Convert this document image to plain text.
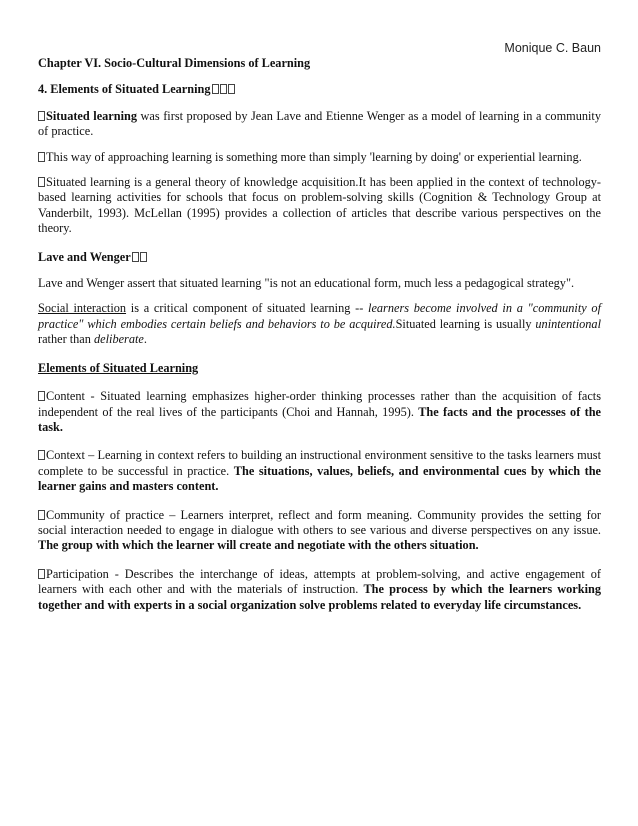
Monique C. Baun

Chapter VI. Socio-Cultural Dimensions of Learning

4. Elements of Situated Learning

Situated learning was first proposed by Jean Lave and Etienne Wenger as a model of learning in a community of practice.

This way of approaching learning is something more than simply 'learning by doing' or experiential learning.

Situated learning is a general theory of knowledge acquisition.It has been applied in the context of technology-based learning activities for schools that focus on problem-solving skills (Cognition & Technology Group at Vanderbilt, 1993). McLellan (1995) provides a collection of articles that describe various perspectives on the theory.

Lave and Wenger

Lave and Wenger assert that situated learning "is not an educational form, much less a pedagogical strategy".

Social interaction is a critical component of situated learning -- learners become involved in a "community of practice" which embodies certain beliefs and behaviors to be acquired.Situated learning is usually unintentional rather than deliberate.

Elements of Situated Learning

Content - Situated learning emphasizes higher-order thinking processes rather than the acquisition of facts independent of the real lives of the participants (Choi and Hannah, 1995). The facts and the processes of the task.

Context – Learning in context refers to building an instructional environment sensitive to the tasks learners must complete to be successful in practice. The situations, values, beliefs, and environmental cues by which the learner gains and masters content.

Community of practice – Learners interpret, reflect and form meaning. Community provides the setting for social interaction needed to engage in dialogue with others to see various and diverse perspectives on any issue. The group with which the learner will create and negotiate with the others situation.

Participation - Describes the interchange of ideas, attempts at problem-solving, and active engagement of learners with each other and with the materials of instruction. The process by which the learners working together and with experts in a social organization solve problems related to everyday life circumstances.
